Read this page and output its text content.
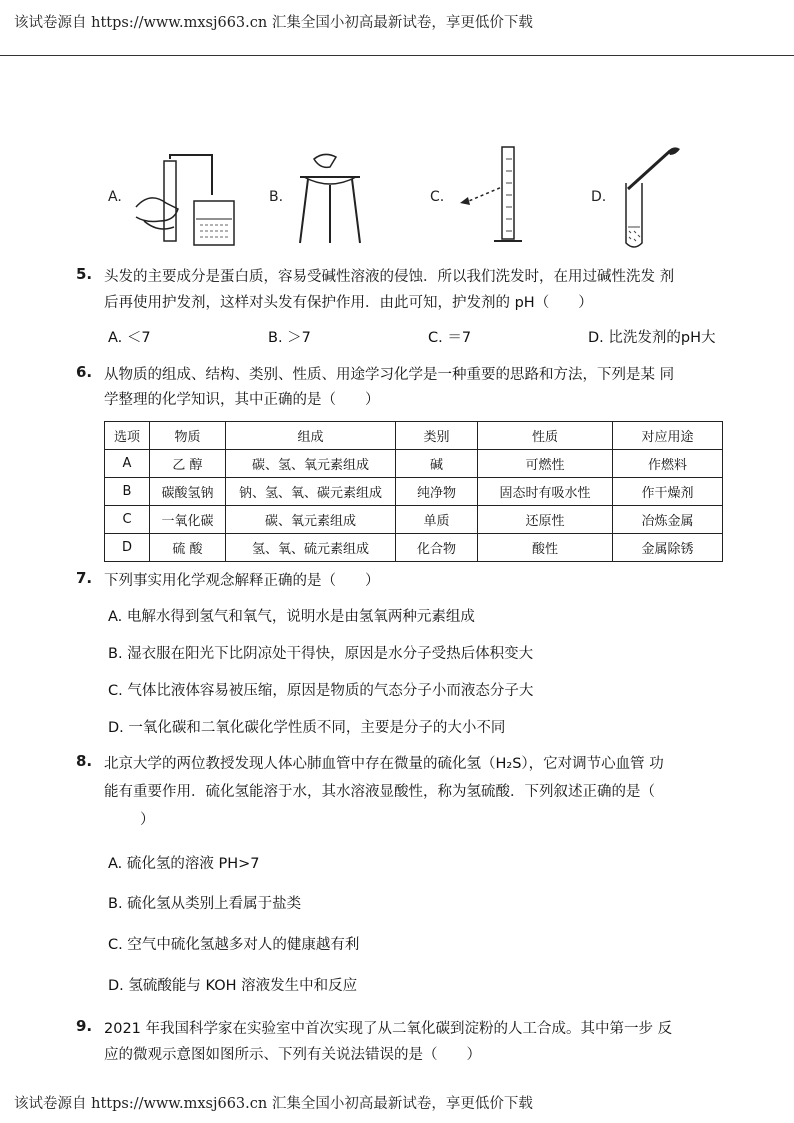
该试卷源自 https://www.mxsj663.cn 汇集全国小初高最新试卷，享更低价下载
A.	B.	C.	D.
5. 头发的主要成分是蛋白质，容易受碱性溶液的侵蚀．所以我们洗发时，在用过碱性洗发 剂
后再使用护发剂，这样对头发有保护作用．由此可知，护发剂的 pH（　　）
A. ＜7	B. ＞7	C. ＝7	D. 比洗发剂的pH大
6. 从物质的组成、结构、类别、性质、用途学习化学是一种重要的思路和方法，下列是某 同
学整理的化学知识，其中正确的是（　　）
选项	物质	组成	类别	性质	对应用途
A	乙 醇	碳、氢、氧元素组成	碱	可燃性	作燃料
B	碳酸氢钠	钠、氢、氧、碳元素组成	纯净物	固态时有吸水性	作干燥剂
C	一氧化碳	碳、氧元素组成	单质	还原性	冶炼金属
D	硫 酸	氢、氧、硫元素组成	化合物	酸性	金属除锈
7. 下列事实用化学观念解释正确的是（　　）
A. 电解水得到氢气和氧气，说明水是由氢氧两种元素组成
B. 湿衣服在阳光下比阴凉处干得快，原因是水分子受热后体积变大
C. 气体比液体容易被压缩，原因是物质的气态分子小而液态分子大
D. 一氧化碳和二氧化碳化学性质不同，主要是分子的大小不同
8. 北京大学的两位教授发现人体心肺血管中存在微量的硫化氢（H₂S），它对调节心血管 功
能有重要作用．硫化氢能溶于水，其水溶液显酸性，称为氢硫酸．下列叙述正确的是（
）
A. 硫化氢的溶液 PH>7
B. 硫化氢从类别上看属于盐类
C. 空气中硫化氢越多对人的健康越有利
D. 氢硫酸能与 KOH 溶液发生中和反应
9. 2021 年我国科学家在实验室中首次实现了从二氧化碳到淀粉的人工合成。其中第一步 反
应的微观示意图如图所示、下列有关说法错误的是（　　）
该试卷源自 https://www.mxsj663.cn 汇集全国小初高最新试卷，享更低价下载
